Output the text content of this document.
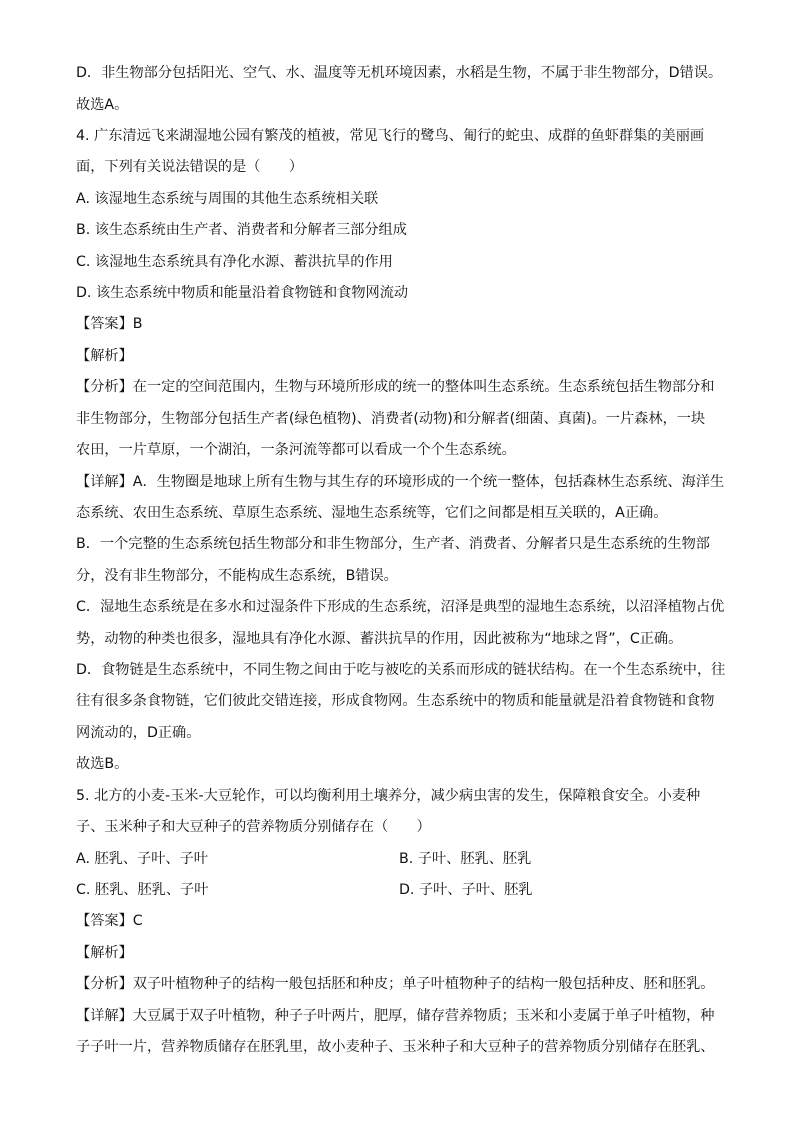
D．非生物部分包括阳光、空气、水、温度等无机环境因素，水稻是生物，不属于非生物部分，D错误。
故选A。
4. 广东清远飞来湖湿地公园有繁茂的植被，常见飞行的鹭鸟、匍行的蛇虫、成群的鱼虾群集的美丽画
面，下列有关说法错误的是（　　）
A. 该湿地生态系统与周围的其他生态系统相关联
B. 该生态系统由生产者、消费者和分解者三部分组成
C. 该湿地生态系统具有净化水源、蓄洪抗旱的作用
D. 该生态系统中物质和能量沿着食物链和食物网流动
【答案】B
【解析】
【分析】在一定的空间范围内，生物与环境所形成的统一的整体叫生态系统。生态系统包括生物部分和
非生物部分，生物部分包括生产者(绿色植物)、消费者(动物)和分解者(细菌、真菌)。一片森林，一块
农田，一片草原，一个湖泊，一条河流等都可以看成一个个生态系统。
【详解】A．生物圈是地球上所有生物与其生存的环境形成的一个统一整体，包括森林生态系统、海洋生
态系统、农田生态系统、草原生态系统、湿地生态系统等，它们之间都是相互关联的，A正确。
B．一个完整的生态系统包括生物部分和非生物部分，生产者、消费者、分解者只是生态系统的生物部
分，没有非生物部分，不能构成生态系统，B错误。
C．湿地生态系统是在多水和过湿条件下形成的生态系统，沼泽是典型的湿地生态系统，以沼泽植物占优
势，动物的种类也很多，湿地具有净化水源、蓄洪抗旱的作用，因此被称为“地球之肾”，C正确。
D．食物链是生态系统中，不同生物之间由于吃与被吃的关系而形成的链状结构。在一个生态系统中，往
往有很多条食物链，它们彼此交错连接，形成食物网。生态系统中的物质和能量就是沿着食物链和食物
网流动的，D正确。
故选B。
5. 北方的小麦-玉米-大豆轮作，可以均衡利用土壤养分，减少病虫害的发生，保障粮食安全。小麦种
子、玉米种子和大豆种子的营养物质分别储存在（　　）
A. 胚乳、子叶、子叶	B. 子叶、胚乳、胚乳
C. 胚乳、胚乳、子叶	D. 子叶、子叶、胚乳
【答案】C
【解析】
【分析】双子叶植物种子的结构一般包括胚和种皮；单子叶植物种子的结构一般包括种皮、胚和胚乳。
【详解】大豆属于双子叶植物，种子子叶两片，肥厚，储存营养物质；玉米和小麦属于单子叶植物，种
子子叶一片，营养物质储存在胚乳里，故小麦种子、玉米种子和大豆种子的营养物质分别储存在胚乳、
